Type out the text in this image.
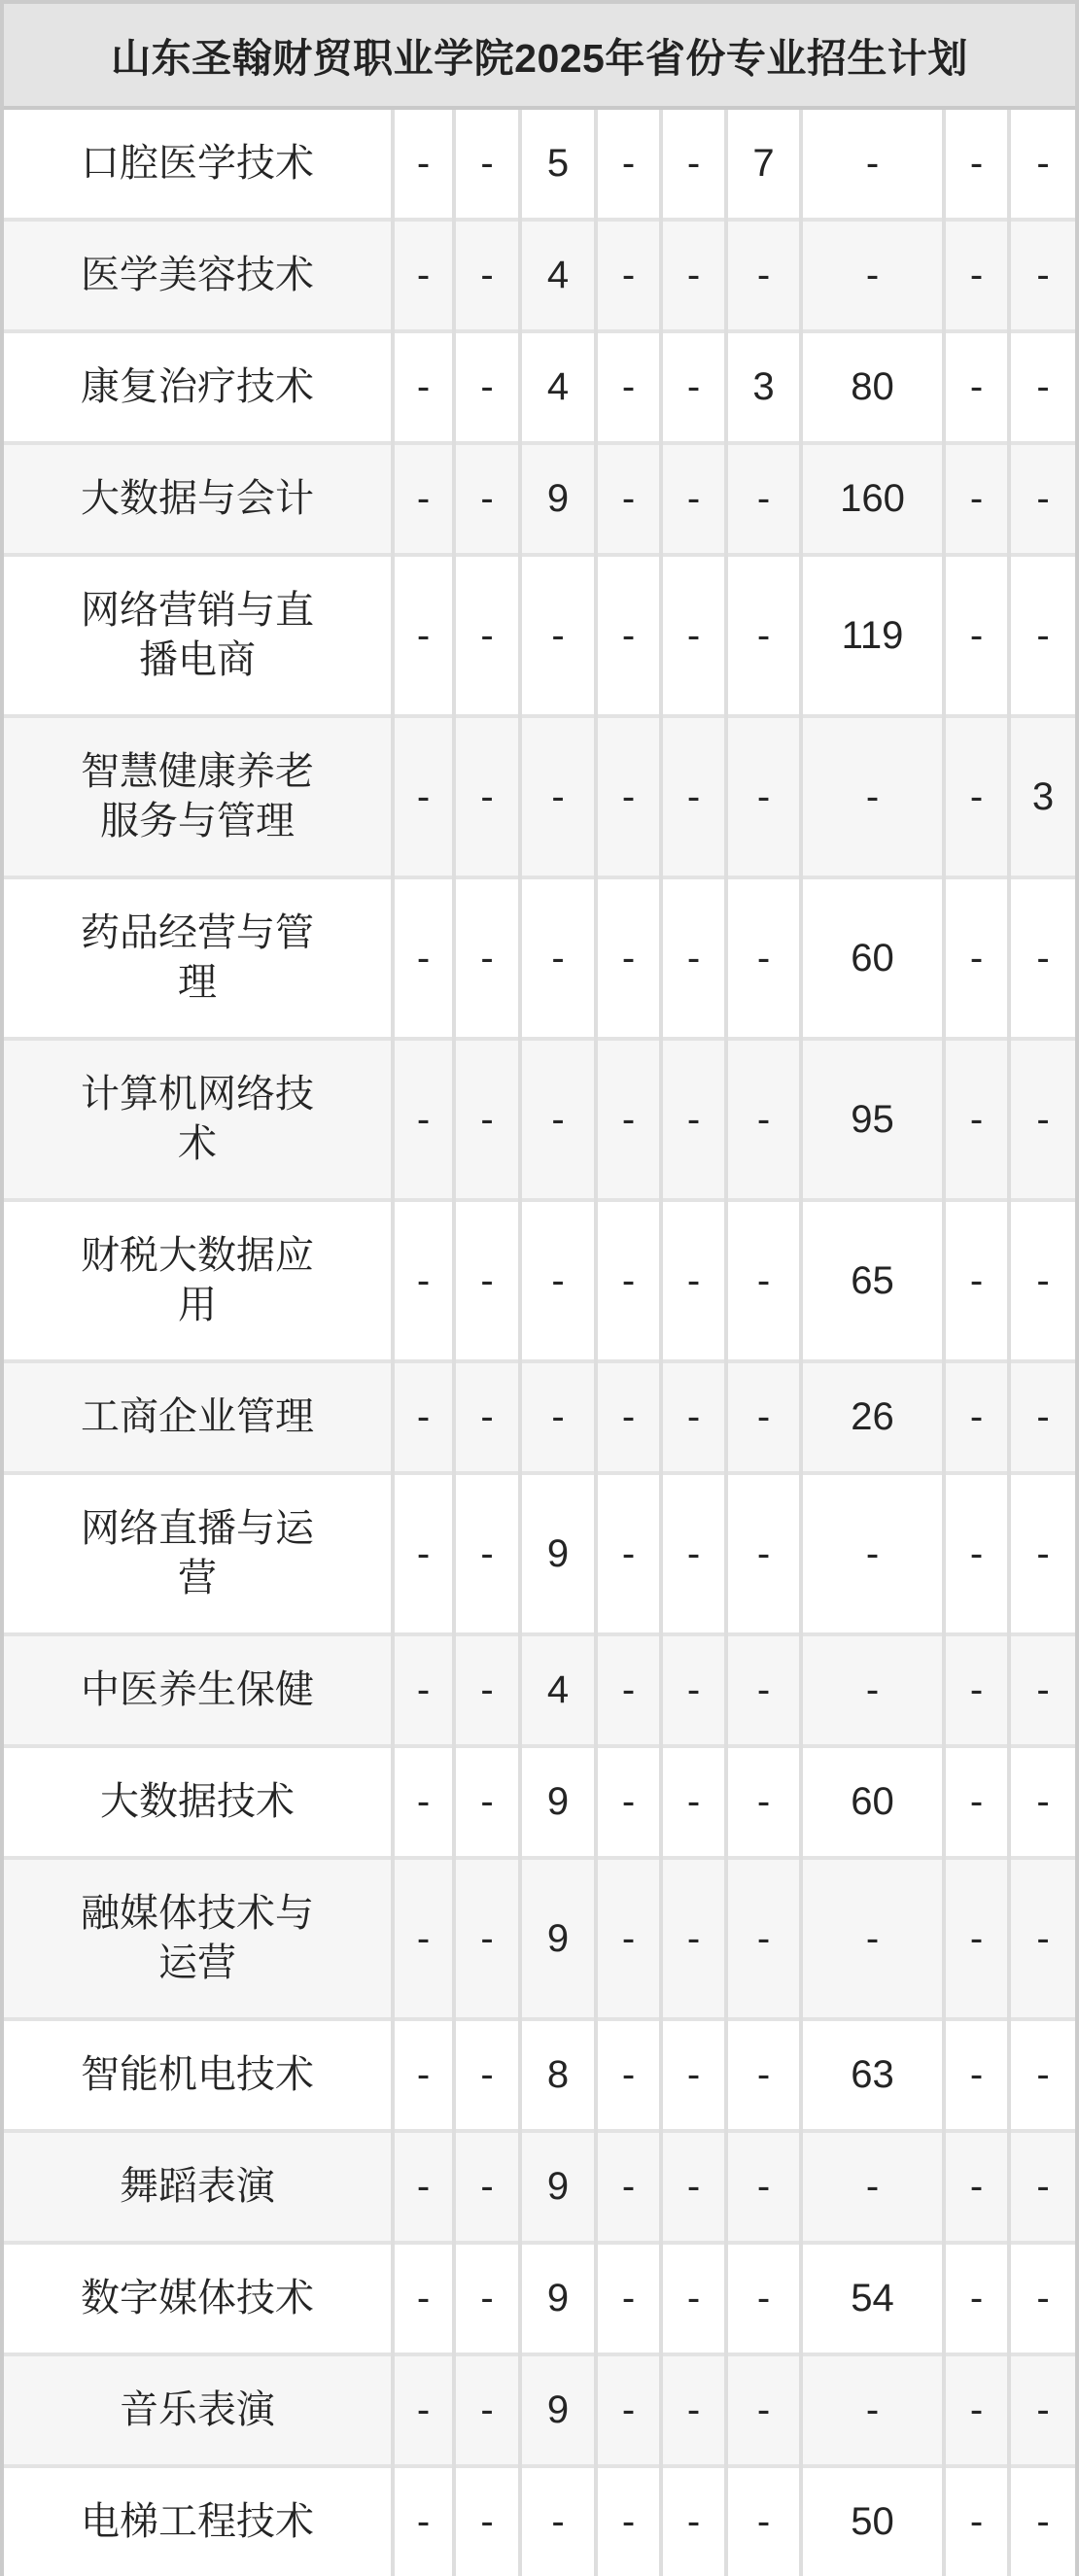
山东圣翰财贸职业学院2025年省份专业招生计划									
口腔医学技术	-	-	5	-	-	7	-	-	-
医学美容技术	-	-	4	-	-	-	-	-	-
康复治疗技术	-	-	4	-	-	3	80	-	-
大数据与会计	-	-	9	-	-	-	160	-	-
网络营销与直播电商	-	-	-	-	-	-	119	-	-
智慧健康养老服务与管理	-	-	-	-	-	-	-	-	3
药品经营与管理	-	-	-	-	-	-	60	-	-
计算机网络技术	-	-	-	-	-	-	95	-	-
财税大数据应用	-	-	-	-	-	-	65	-	-
工商企业管理	-	-	-	-	-	-	26	-	-
网络直播与运营	-	-	9	-	-	-	-	-	-
中医养生保健	-	-	4	-	-	-	-	-	-
大数据技术	-	-	9	-	-	-	60	-	-
融媒体技术与运营	-	-	9	-	-	-	-	-	-
智能机电技术	-	-	8	-	-	-	63	-	-
舞蹈表演	-	-	9	-	-	-	-	-	-
数字媒体技术	-	-	9	-	-	-	54	-	-
音乐表演	-	-	9	-	-	-	-	-	-
电梯工程技术	-	-	-	-	-	-	50	-	-
